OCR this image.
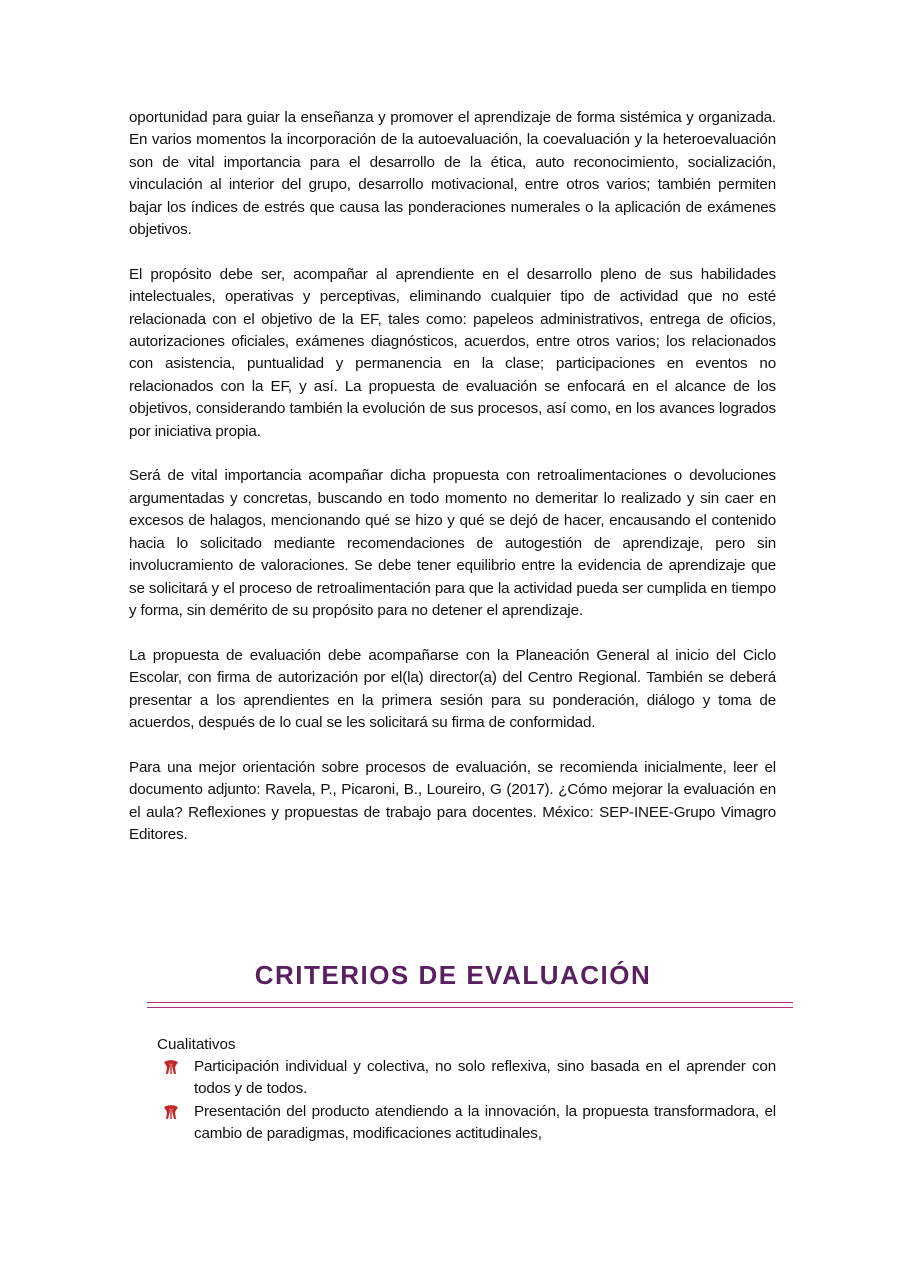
oportunidad para guiar la enseñanza y promover el aprendizaje de forma sistémica y organizada. En varios momentos la incorporación de la autoevaluación, la coevaluación y la heteroevaluación son de vital importancia para el desarrollo de la ética, auto reconocimiento, socialización, vinculación al interior del grupo, desarrollo motivacional, entre otros varios; también permiten bajar los índices de estrés que causa las ponderaciones numerales o la aplicación de exámenes objetivos.

El propósito debe ser, acompañar al aprendiente en el desarrollo pleno de sus habilidades intelectuales, operativas y perceptivas, eliminando cualquier tipo de actividad que no esté relacionada con el objetivo de la EF, tales como: papeleos administrativos, entrega de oficios, autorizaciones oficiales, exámenes diagnósticos, acuerdos, entre otros varios; los relacionados con asistencia, puntualidad y permanencia en la clase; participaciones en eventos no relacionados con la EF, y así. La propuesta de evaluación se enfocará en el alcance de los objetivos, considerando también la evolución de sus procesos, así como, en los avances logrados por iniciativa propia.

Será de vital importancia acompañar dicha propuesta con retroalimentaciones o devoluciones argumentadas y concretas, buscando en todo momento no demeritar lo realizado y sin caer en excesos de halagos, mencionando qué se hizo y qué se dejó de hacer, encausando el contenido hacia lo solicitado mediante recomendaciones de autogestión de aprendizaje, pero sin involucramiento de valoraciones. Se debe tener equilibrio entre la evidencia de aprendizaje que se solicitará y el proceso de retroalimentación para que la actividad pueda ser cumplida en tiempo y forma, sin demérito de su propósito para no detener el aprendizaje.

La propuesta de evaluación debe acompañarse con la Planeación General al inicio del Ciclo Escolar, con firma de autorización por el(la) director(a) del Centro Regional. También se deberá presentar a los aprendientes en la primera sesión para su ponderación, diálogo y toma de acuerdos, después de lo cual se les solicitará su firma de conformidad.

Para una mejor orientación sobre procesos de evaluación, se recomienda inicialmente, leer el documento adjunto: Ravela, P., Picaroni, B., Loureiro, G (2017). ¿Cómo mejorar la evaluación en el aula? Reflexiones y propuestas de trabajo para docentes. México: SEP-INEE-Grupo Vimagro Editores.

CRITERIOS DE EVALUACIÓN
Cualitativos
Participación individual y colectiva, no solo reflexiva, sino basada en el aprender con todos y de todos.
Presentación del producto atendiendo a la innovación, la propuesta transformadora, el cambio de paradigmas, modificaciones actitudinales,
